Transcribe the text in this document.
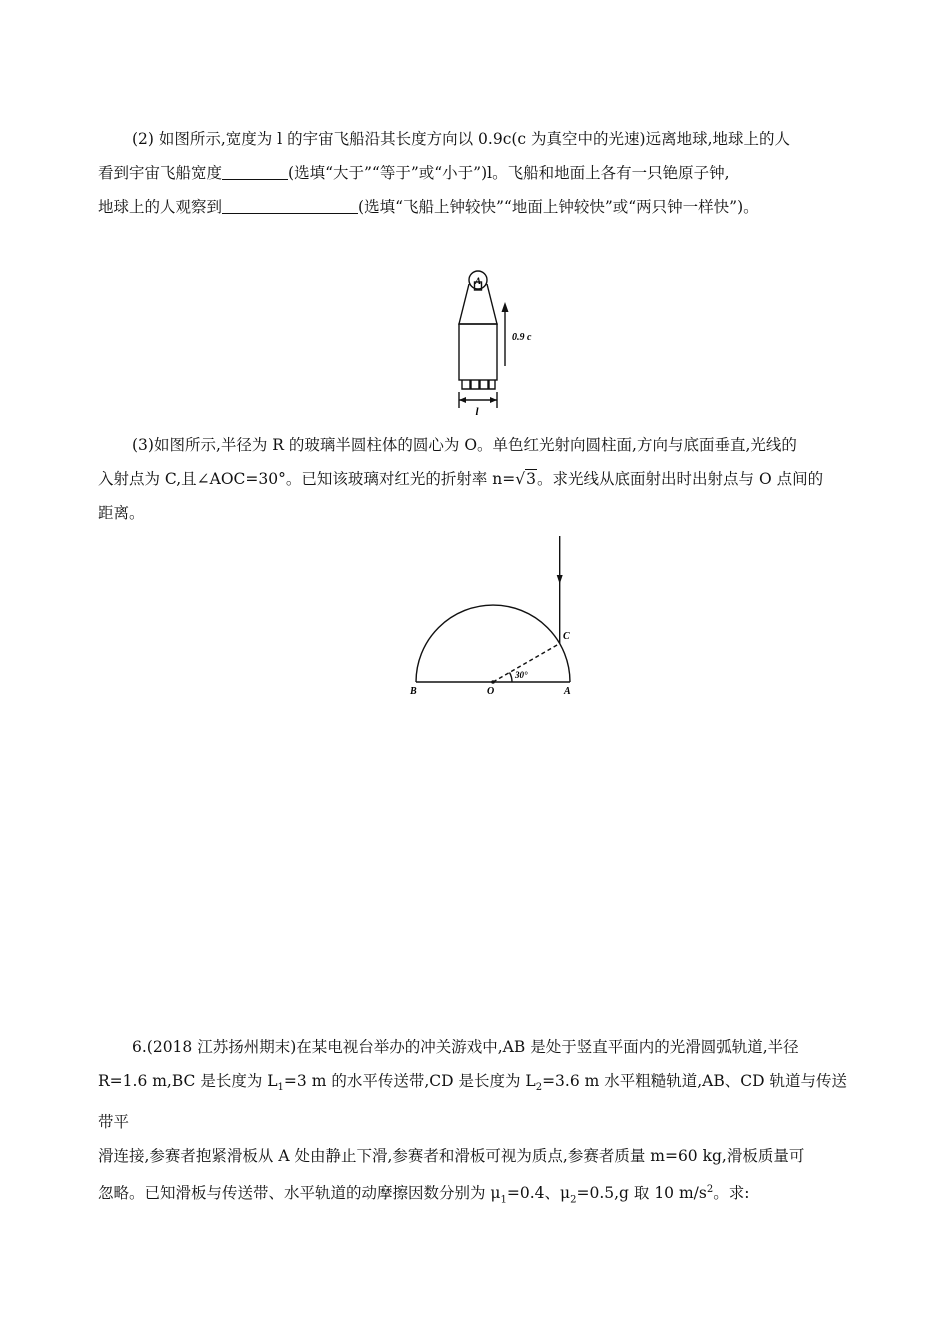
(2) 如图所示,宽度为 l 的宇宙飞船沿其长度方向以 0.9c(c 为真空中的光速)远离地球,地球上的人
看到宇宙飞船宽度	(选填“大于”“等于”或“小于”)l。飞船和地面上各有一只铯原子钟,
地球上的人观察到	(选填“飞船上钟较快”“地面上钟较快”或“两只钟一样快”)。
A
0.9 c
l
(3)如图所示,半径为 R 的玻璃半圆柱体的圆心为 O。单色红光射向圆柱面,方向与底面垂直,光线的
入射点为 C,且∠AOC=30°。已知该玻璃对红光的折射率 n=√3。求光线从底面射出时出射点与 O 点间的
距离。
B	O	A
C
30°
6.(2018 江苏扬州期末)在某电视台举办的冲关游戏中,AB 是处于竖直平面内的光滑圆弧轨道,半径
R=1.6 m,BC 是长度为 $L_1=3$ m 的水平传送带,CD 是长度为 $L_2=3.6$ m 水平粗糙轨道,AB、CD 轨道与传送带平
滑连接,参赛者抱紧滑板从 A 处由静止下滑,参赛者和滑板可视为质点,参赛者质量 m=60 kg,滑板质量可
忽略。已知滑板与传送带、水平轨道的动摩擦因数分别为 $\mu_1=0.4$、$\mu_2=0.5,g$ 取 10 $m/s^2$。求:
